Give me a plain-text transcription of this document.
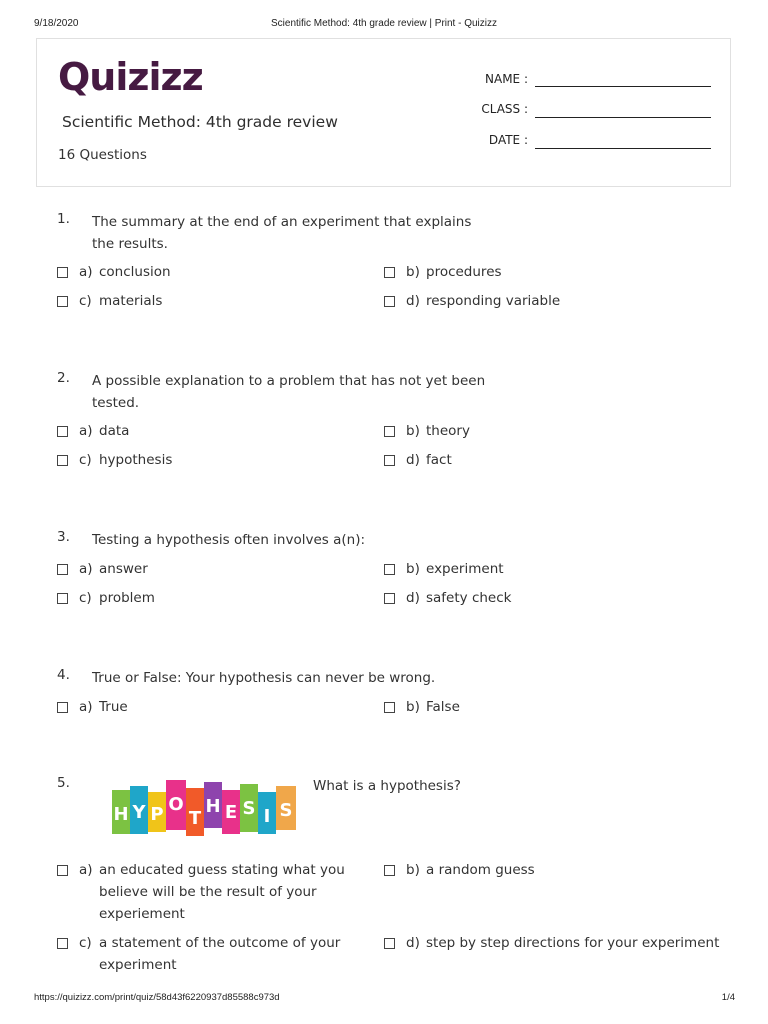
9/18/2020	Scientific Method: 4th grade review | Print - Quizizz
Quizizz
Scientific Method: 4th grade review
16 Questions
NAME :
CLASS :
DATE :
1. The summary at the end of an experiment that explains the results.
a) conclusion	b) procedures
c) materials	d) responding variable
2. A possible explanation to a problem that has not yet been tested.
a) data	b) theory
c) hypothesis	d) fact
3. Testing a hypothesis often involves a(n):
a) answer	b) experiment
c) problem	d) safety check
4. True or False: Your hypothesis can never be wrong.
a) True	b) False
5.	What is a hypothesis?
H Y P O
T
H E S I S
a) an educated guess stating what you believe will be the result of your experiement
b) a random guess
c) a statement of the outcome of your experiment
d) step by step directions for your experiment
https://quizizz.com/print/quiz/58d43f6220937d85588c973d	1/4
